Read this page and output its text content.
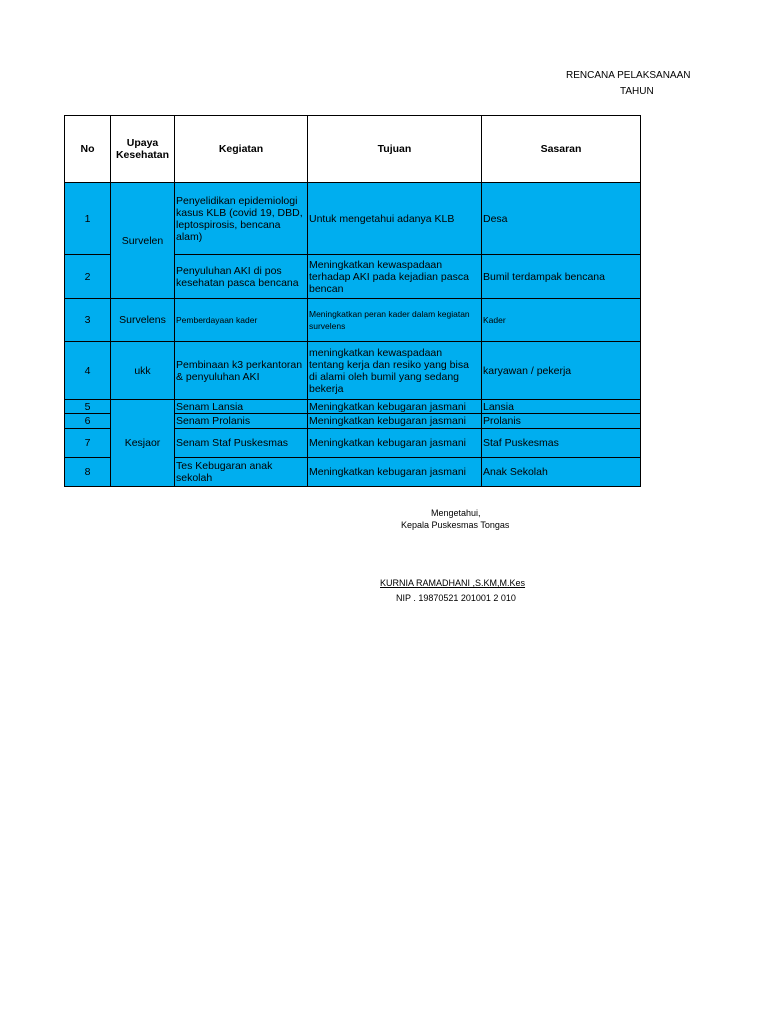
RENCANA PELAKSANAAN
TAHUN
No	Upaya Kesehatan	Kegiatan	Tujuan	Sasaran
1	Survelen	Penyelidikan epidemiologi kasus KLB (covid 19, DBD, leptospirosis, bencana alam)	Untuk mengetahui adanya KLB	Desa
2		Penyuluhan AKI di pos kesehatan pasca bencana	Meningkatkan kewaspadaan terhadap AKI pada kejadian pasca bencan	Bumil terdampak bencana
3	Survelens	Pemberdayaan kader	Meningkatkan peran kader dalam kegiatan survelens	Kader
4	ukk	Pembinaan k3 perkantoran & penyuluhan AKI	meningkatkan kewaspadaan tentang kerja dan resiko yang bisa di alami oleh bumil yang sedang bekerja	karyawan / pekerja
5	Kesjaor	Senam Lansia	Meningkatkan kebugaran jasmani	Lansia
6		Senam Prolanis	Meningkatkan kebugaran jasmani	Prolanis
7		Senam Staf Puskesmas	Meningkatkan kebugaran jasmani	Staf Puskesmas
8		Tes Kebugaran anak sekolah	Meningkatkan kebugaran jasmani	Anak Sekolah
Mengetahui,
Kepala Puskesmas Tongas
KURNIA RAMADHANI ,S.KM,M.Kes
NIP . 19870521 201001 2 010
